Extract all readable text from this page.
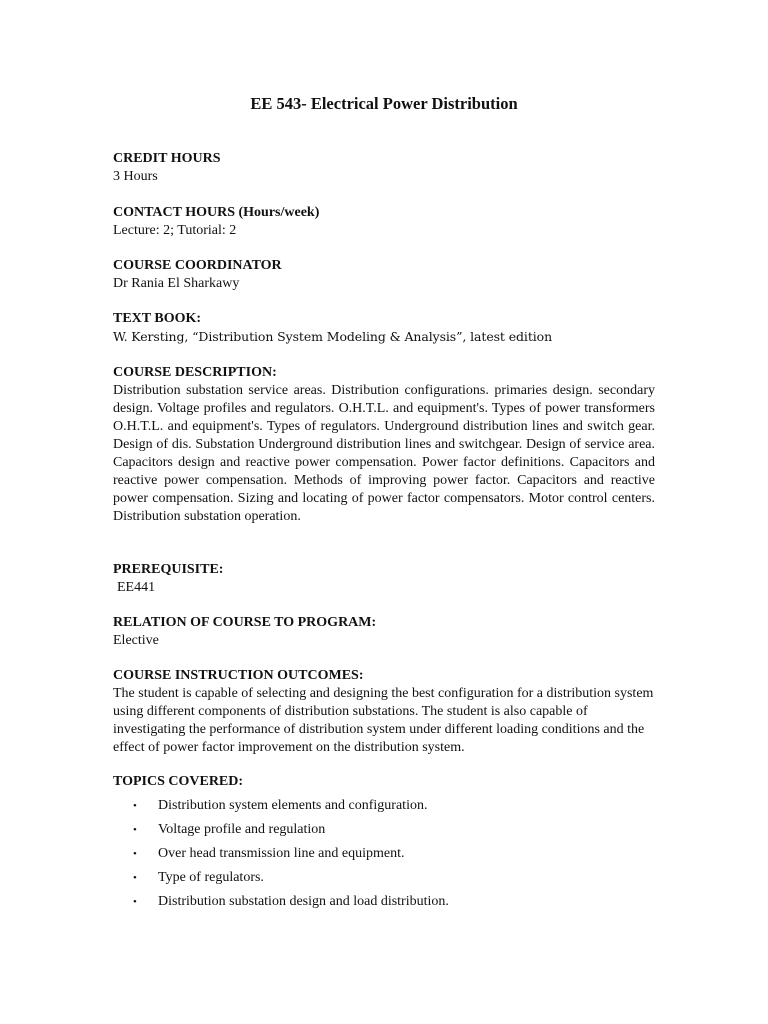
EE 543- Electrical Power Distribution

CREDIT HOURS

3 Hours

CONTACT HOURS (Hours/week)

Lecture: 2; Tutorial: 2

COURSE COORDINATOR

Dr Rania El Sharkawy

TEXT BOOK:

W. Kersting, “Distribution System Modeling & Analysis”, latest edition

COURSE DESCRIPTION:

Distribution substation service areas. Distribution configurations. primaries design. secondary design. Voltage profiles and regulators. O.H.T.L. and equipment's. Types of power transformers O.H.T.L. and equipment's. Types of regulators. Underground distribution lines and switch gear. Design of dis. Substation Underground distribution lines and switchgear. Design of service area. Capacitors design and reactive power compensation. Power factor definitions. Capacitors and reactive power compensation. Methods of improving power factor. Capacitors and reactive power compensation. Sizing and locating of power factor compensators. Motor control centers. Distribution substation operation.

PREREQUISITE:

EE441

RELATION OF COURSE TO PROGRAM:

Elective

COURSE INSTRUCTION OUTCOMES:

The student is capable of selecting and designing the best configuration for a distribution system using different components of distribution substations. The student is also capable of investigating the performance of distribution system under different loading conditions and the effect of power factor improvement on the distribution system.

TOPICS COVERED:

• Distribution system elements and configuration.
• Voltage profile and regulation
• Over head transmission line and equipment.
• Type of regulators.
• Distribution substation design and load distribution.
